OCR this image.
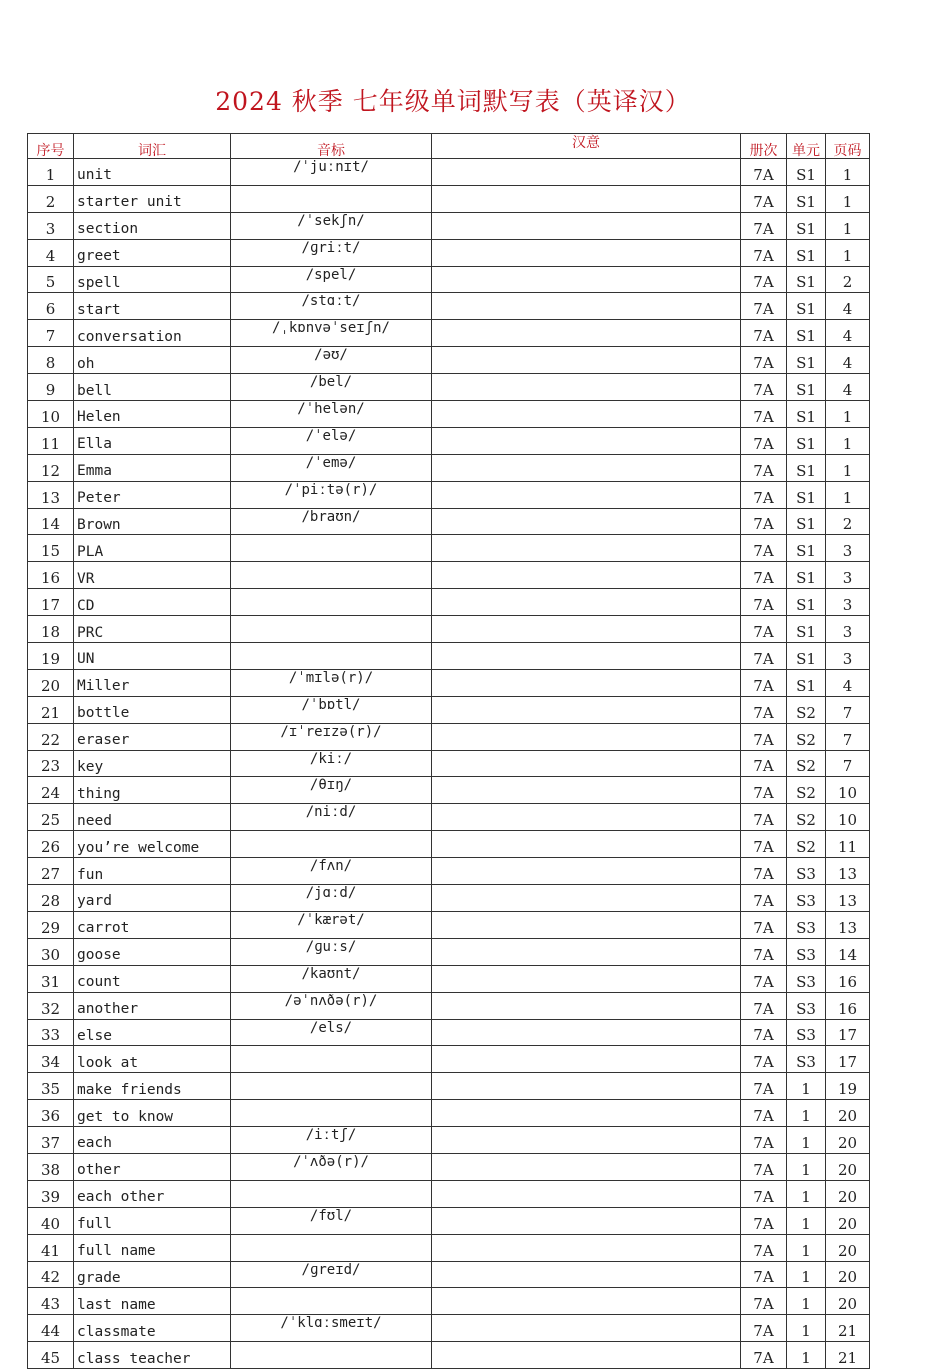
2024 秋季 七年级单词默写表（英译汉）
序号	词汇	音标	汉意	册次	单元	页码
1	unit	/ˈjuːnɪt/		7A	S1	1
2	starter unit			7A	S1	1
3	section	/ˈsekʃn/		7A	S1	1
4	greet	/ɡriːt/		7A	S1	1
5	spell	/spel/		7A	S1	2
6	start	/stɑːt/		7A	S1	4
7	conversation	/ˌkɒnvəˈseɪʃn/		7A	S1	4
8	oh	/əʊ/		7A	S1	4
9	bell	/bel/		7A	S1	4
10	Helen	/ˈhelən/		7A	S1	1
11	Ella	/ˈelə/		7A	S1	1
12	Emma	/ˈemə/		7A	S1	1
13	Peter	/ˈpiːtə(r)/		7A	S1	1
14	Brown	/braʊn/		7A	S1	2
15	PLA			7A	S1	3
16	VR			7A	S1	3
17	CD			7A	S1	3
18	PRC			7A	S1	3
19	UN			7A	S1	3
20	Miller	/ˈmɪlə(r)/		7A	S1	4
21	bottle	/ˈbɒtl/		7A	S2	7
22	eraser	/ɪˈreɪzə(r)/		7A	S2	7
23	key	/kiː/		7A	S2	7
24	thing	/θɪŋ/		7A	S2	10
25	need	/niːd/		7A	S2	10
26	you’re welcome			7A	S2	11
27	fun	/fʌn/		7A	S3	13
28	yard	/jɑːd/		7A	S3	13
29	carrot	/ˈkærət/		7A	S3	13
30	goose	/ɡuːs/		7A	S3	14
31	count	/kaʊnt/		7A	S3	16
32	another	/əˈnʌðə(r)/		7A	S3	16
33	else	/els/		7A	S3	17
34	look at			7A	S3	17
35	make friends			7A	1	19
36	get to know			7A	1	20
37	each	/iːtʃ/		7A	1	20
38	other	/ˈʌðə(r)/		7A	1	20
39	each other			7A	1	20
40	full	/fʊl/		7A	1	20
41	full name			7A	1	20
42	grade	/ɡreɪd/		7A	1	20
43	last name			7A	1	20
44	classmate	/ˈklɑːsmeɪt/		7A	1	21
45	class teacher			7A	1	21
